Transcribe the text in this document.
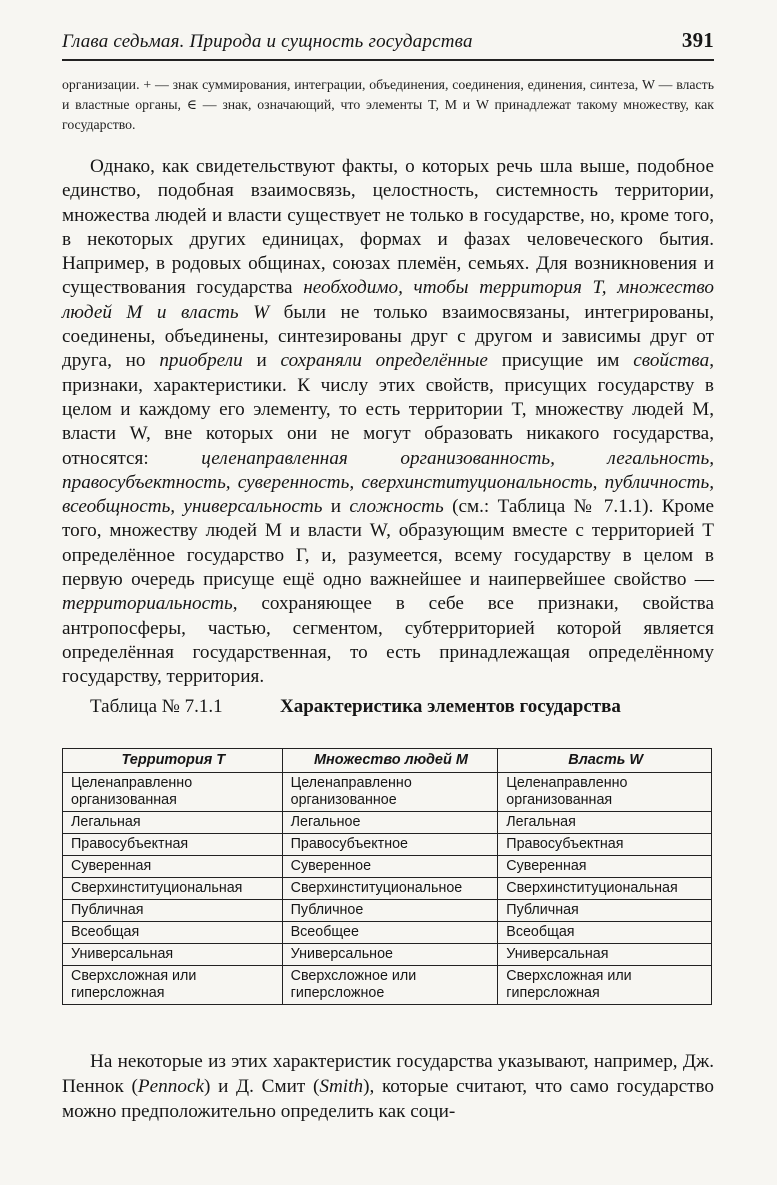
Глава седьмая. Природа и сущность государства	391
организации. + — знак суммирования, интеграции, объединения, соединения, единения, синтеза, W — власть и властные органы, ∈ — знак, означающий, что элементы T, M и W принадлежат такому множеству, как государство.

Однако, как свидетельствуют факты, о которых речь шла выше, подобное единство, подобная взаимосвязь, целостность, системность территории, множества людей и власти существует не только в государстве, но, кроме того, в некоторых других единицах, формах и фазах человеческого бытия. Например, в родовых общинах, союзах племён, семьях. Для возникновения и существования государства необходимо, чтобы территория T, множество людей M и власть W были не только взаимосвязаны, интегрированы, соединены, объединены, синтезированы друг с другом и зависимы друг от друга, но приобрели и сохраняли определённые присущие им свойства, признаки, характеристики. К числу этих свойств, присущих государству в целом и каждому его элементу, то есть территории T, множеству людей M, власти W, вне которых они не могут образовать никакого государства, относятся: целенаправленная организованность, легальность, правосубъектность, суверенность, сверхинституциональность, публичность, всеобщность, универсальность и сложность (см.: Таблица № 7.1.1). Кроме того, множеству людей M и власти W, образующим вместе с территорией T определённое государство Г, и, разумеется, всему государству в целом в первую очередь присуще ещё одно важнейшее и наипервейшее свойство — территориальность, сохраняющее в себе все признаки, свойства антропосферы, частью, сегментом, субтерриторией которой является определённая государственная, то есть принадлежащая определённому государству, территория.

Таблица № 7.1.1	Характеристика элементов государства
Территория T	Множество людей M	Власть W
Целенаправленно организованная	Целенаправленно организованное	Целенаправленно организованная
Легальная	Легальное	Легальная
Правосубъектная	Правосубъектное	Правосубъектная
Суверенная	Суверенное	Суверенная
Сверхинституциональная	Сверхинституциональное	Сверхинституциональная
Публичная	Публичное	Публичная
Всеобщая	Всеобщее	Всеобщая
Универсальная	Универсальное	Универсальная
Сверхсложная или гиперсложная	Сверхсложное или гиперсложное	Сверхсложная или гиперсложная

На некоторые из этих характеристик государства указывают, например, Дж. Пеннок (Pennock) и Д. Смит (Smith), которые считают, что само государство можно предположительно определить как соци-
